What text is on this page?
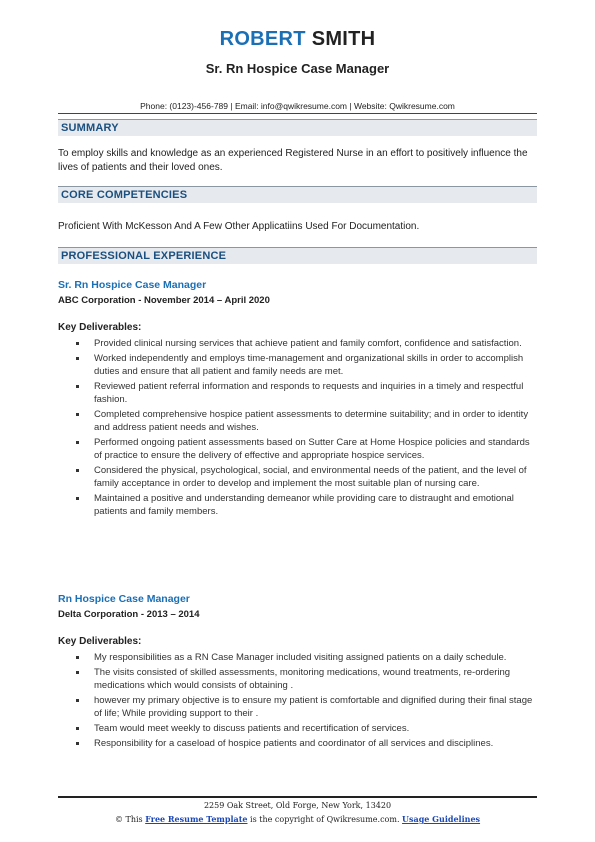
ROBERT SMITH
Sr. Rn Hospice Case Manager
Phone: (0123)-456-789 | Email: info@qwikresume.com | Website: Qwikresume.com
SUMMARY
To employ skills and knowledge as an experienced Registered Nurse in an effort to positively influence the lives of patients and their loved ones.
CORE COMPETENCIES
Proficient With McKesson And A Few Other Applicatiins Used For Documentation.
PROFESSIONAL EXPERIENCE
Sr. Rn Hospice Case Manager
ABC Corporation - November 2014 – April 2020
Key Deliverables:
Provided clinical nursing services that achieve patient and family comfort, confidence and satisfaction.
Worked independently and employs time-management and organizational skills in order to accomplish duties and ensure that all patient and family needs are met.
Reviewed patient referral information and responds to requests and inquiries in a timely and respectful fashion.
Completed comprehensive hospice patient assessments to determine suitability; and in order to identity and address patient needs and wishes.
Performed ongoing patient assessments based on Sutter Care at Home Hospice policies and standards of practice to ensure the delivery of effective and appropriate hospice services.
Considered the physical, psychological, social, and environmental needs of the patient, and the level of family acceptance in order to develop and implement the most suitable plan of nursing care.
Maintained a positive and understanding demeanor while providing care to distraught and emotional patients and family members.
Rn Hospice Case Manager
Delta Corporation - 2013 – 2014
Key Deliverables:
My responsibilities as a RN Case Manager included visiting assigned patients on a daily schedule.
The visits consisted of skilled assessments, monitoring medications, wound treatments, re-ordering medications which would consists of obtaining .
however my primary objective is to ensure my patient is comfortable and dignified during their final stage of life; While providing support to their .
Team would meet weekly to discuss patients and recertification of services.
Responsibility for a caseload of hospice patients and coordinator of all services and disciplines.
2259 Oak Street, Old Forge, New York, 13420
© This Free Resume Template is the copyright of Qwikresume.com. Usage Guidelines
